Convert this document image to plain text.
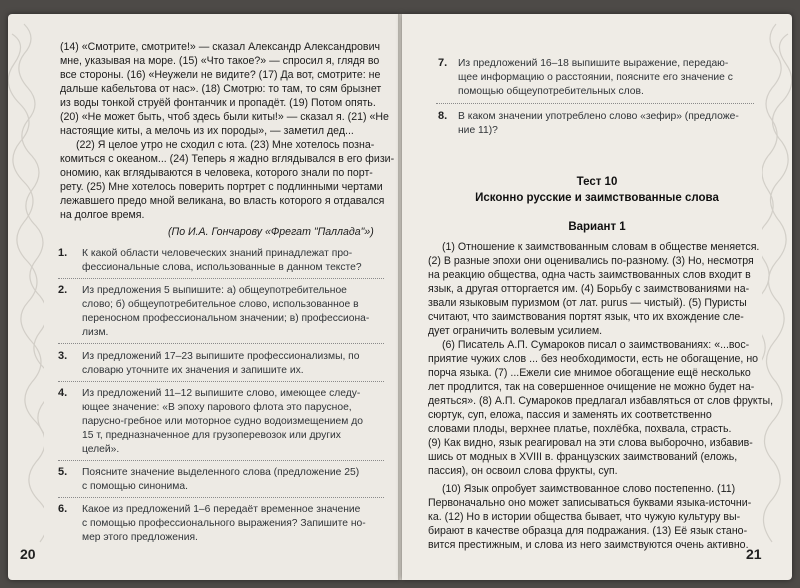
(14) «Смотрите, смотрите!» — сказал Александр Александрович
мне, указывая на море. (15) «Что такое?» — спросил я, глядя во
все стороны. (16) «Неужели не видите? (17) Да вот, смотрите: не
дальше кабельтова от нас». (18) Смотрю: то там, то сям брызнет
из воды тонкой струёй фонтанчик и пропадёт. (19) Потом опять.
(20) «Не может быть, чтоб здесь были киты!» — сказал я. (21) «Не
настоящие киты, а мелочь из их породы», — заметил дед...
(22) Я целое утро не сходил с юта. (23) Мне хотелось позна-
комиться с океаном... (24) Теперь я жадно вглядывался в его физи-
ономию, как вглядываются в человека, которого знали по порт-
рету. (25) Мне хотелось поверить портрет с подлинными чертами
лежавшего предо мной великана, во власть которого я отдавался
на долгое время.
(По И.А. Гончарову «Фрегат "Паллада"»)
1. К какой области человеческих знаний принадлежат про-
фессиональные слова, использованные в данном тексте?
2. Из предложения 5 выпишите: а) общеупотребительное
слово; б) общеупотребительное слово, использованное в
переносном профессиональном значении; в) профессиона-
лизм.
3. Из предложений 17–23 выпишите профессионализмы, по
словарю уточните их значения и запишите их.
4. Из предложений 11–12 выпишите слово, имеющее следу-
ющее значение: «В эпоху парового флота это парусное,
парусно-гребное или моторное судно водоизмещением до
15 т, предназначенное для грузоперевозок или других
целей».
5. Поясните значение выделенного слова (предложение 25)
с помощью синонима.
6. Какое из предложений 1–6 передаёт временное значение
с помощью профессионального выражения? Запишите но-
мер этого предложения.
20
7. Из предложений 16–18 выпишите выражение, передаю-
щее информацию о расстоянии, поясните его значение с
помощью общеупотребительных слов.
8. В каком значении употреблено слово «зефир» (предложе-
ние 11)?
Тест 10
Исконно русские и заимствованные слова
Вариант 1
(1) Отношение к заимствованным словам в обществе меняется.
(2) В разные эпохи они оценивались по-разному. (3) Но, несмотря
на реакцию общества, одна часть заимствованных слов входит в
язык, а другая отторгается им. (4) Борьбу с заимствованиями на-
звали языковым пуризмом (от лат. purus — чистый). (5) Пуристы
считают, что заимствования портят язык, что их вхождение сле-
дует ограничить волевым усилием.
(6) Писатель А.П. Сумароков писал о заимствованиях: «...вос-
приятие чужих слов ... без необходимости, есть не обогащение, но
порча языка. (7) ...Ежели сие мнимое обогащение ещё несколько
лет продлится, так на совершенное очищение не можно будет на-
деяться». (8) А.П. Сумароков предлагал избавляться от слов фрукты,
сюртук, суп, еложа, пассия и заменять их соответственно
словами плоды, верхнее платье, похлёбка, похвала, страсть.
(9) Как видно, язык реагировал на эти слова выборочно, избавив-
шись от модных в XVIII в. французских заимствований (еложь,
пассия), он освоил слова фрукты, суп.
(10) Язык опробует заимствованное слово постепенно. (11)
Первоначально оно может записываться буквами языка-источни-
ка. (12) Но в истории общества бывает, что чужую культуру вы-
бирают в качестве образца для подражания. (13) Её язык стано-
вится престижным, и слова из него заимствуются очень активно.
21
